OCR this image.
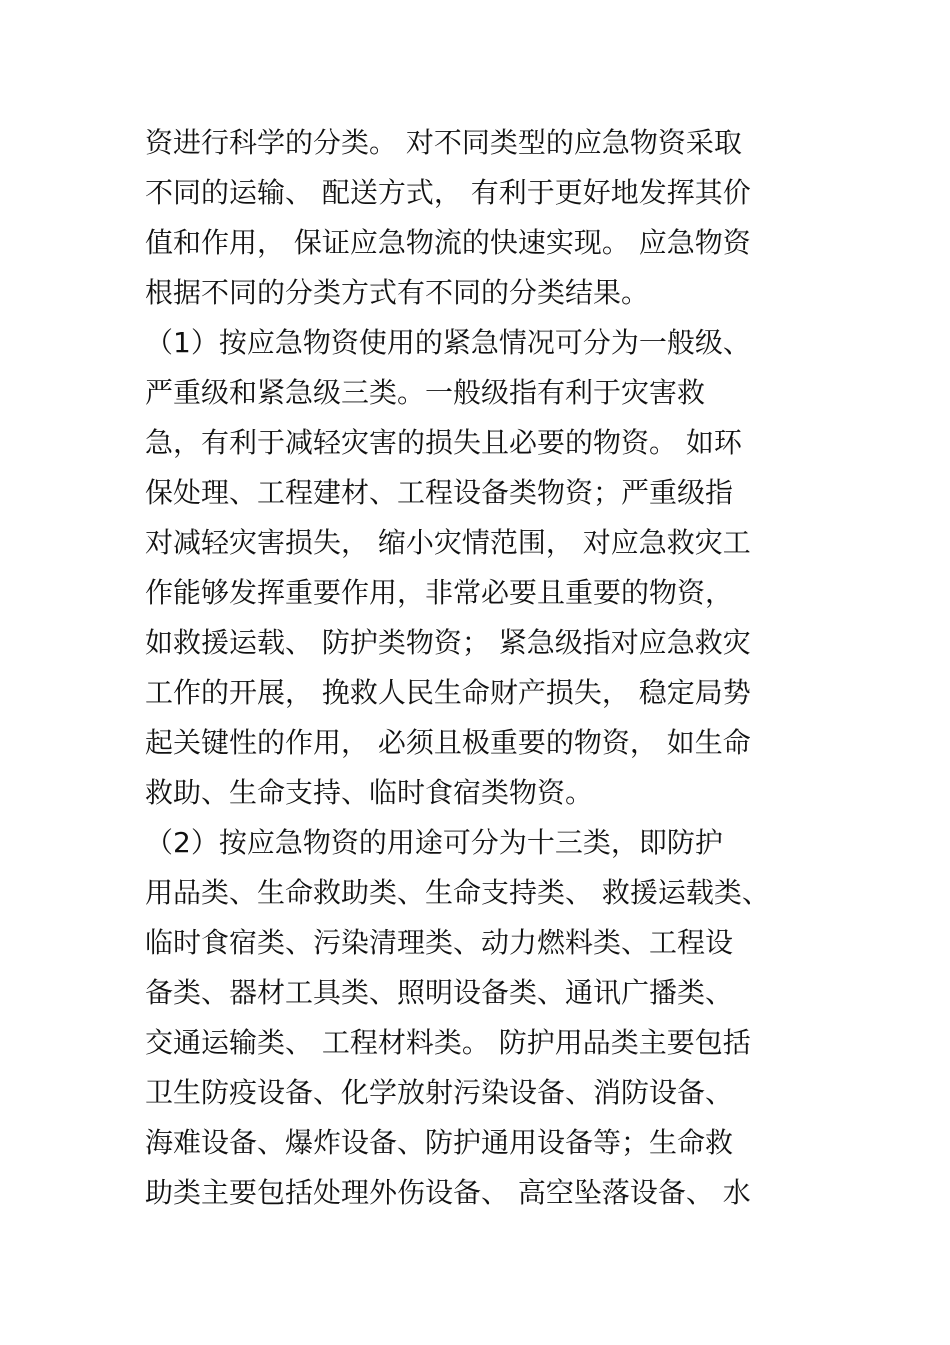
资进行科学的分类。 对不同类型的应急物资采取
不同的运输、 配送方式， 有利于更好地发挥其价
值和作用， 保证应急物流的快速实现。 应急物资
根据不同的分类方式有不同的分类结果。
（1）按应急物资使用的紧急情况可分为一般级、
严重级和紧急级三类。一般级指有利于灾害救
急，有利于减轻灾害的损失且必要的物资。 如环
保处理、工程建材、工程设备类物资；严重级指
对减轻灾害损失， 缩小灾情范围， 对应急救灾工
作能够发挥重要作用，非常必要且重要的物资，
如救援运载、 防护类物资； 紧急级指对应急救灾
工作的开展， 挽救人民生命财产损失， 稳定局势
起关键性的作用， 必须且极重要的物资， 如生命
救助、生命支持、临时食宿类物资。
（2）按应急物资的用途可分为十三类，即防护
用品类、生命救助类、生命支持类、 救援运载类、
临时食宿类、污染清理类、动力燃料类、工程设
备类、器材工具类、照明设备类、通讯广播类、
交通运输类、 工程材料类。 防护用品类主要包括
卫生防疫设备、化学放射污染设备、消防设备、
海难设备、爆炸设备、防护通用设备等；生命救
助类主要包括处理外伤设备、 高空坠落设备、 水
